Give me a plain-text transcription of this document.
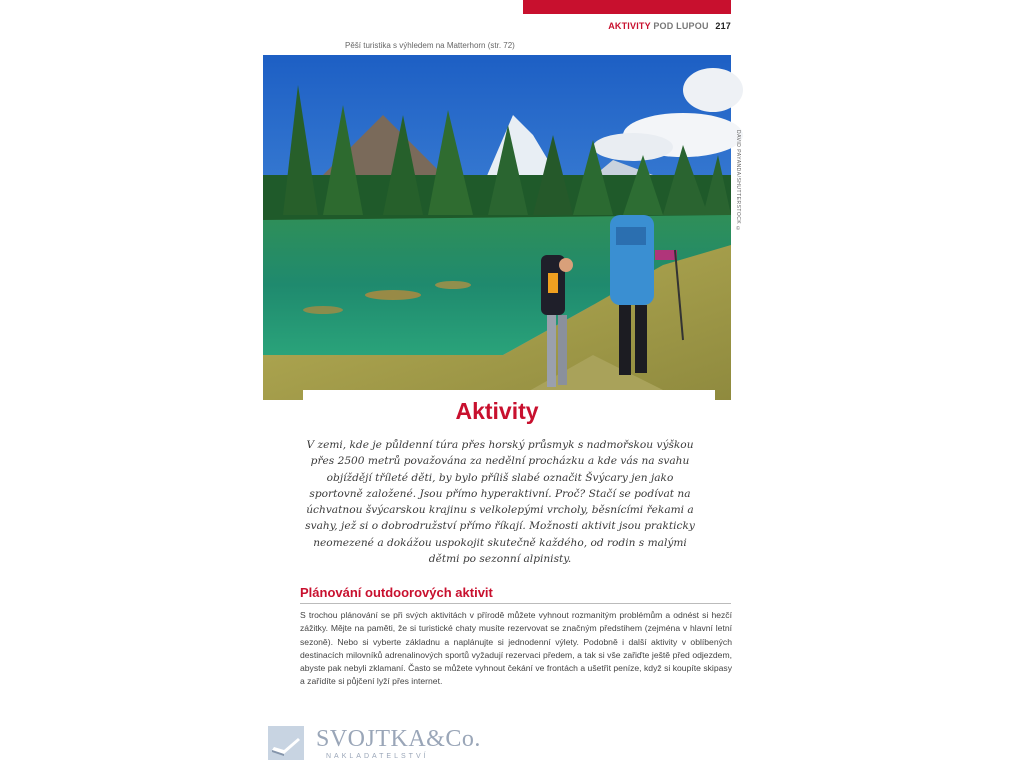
AKTIVITY POD LUPOU 217
Pěší turistika s výhledem na Matterhorn (str. 72)
DAVID PAYANDA/SHUTTERSTOCK ©
Aktivity
V zemi, kde je půldenní túra přes horský průsmyk s nadmořskou výškou přes 2500 metrů považována za nedělní procházku a kde vás na svahu objíždějí tříleté děti, by bylo příliš slabé označit Švýcary jen jako sportovně založené. Jsou přímo hyperaktivní. Proč? Stačí se podívat na úchvatnou švýcarskou krajinu s velkolepými vrcholy, běsnícími řekami a svahy, jež si o dobrodružství přímo říkají. Možnosti aktivit jsou prakticky neomezené a dokážou uspokojit skutečně každého, od rodin s malými dětmi po sezonní alpinisty.
Plánování outdoorových aktivit
S trochou plánování se při svých aktivitách v přírodě můžete vyhnout rozmanitým problémům a odnést si hezčí zážitky. Mějte na paměti, že si turistické chaty musíte rezervovat se značným předstihem (zejména v hlavní letní sezoně). Nebo si vyberte základnu a naplánujte si jednodenní výlety. Podobně i další aktivity v oblíbených destinacích milovníků adrenalinových sportů vyžadují rezervaci předem, a tak si vše zařiďte ještě před odjezdem, abyste pak nebyli zklamaní. Často se můžete vyhnout čekání ve frontách a ušetřit peníze, když si koupíte skipasy a zařídíte si půjčení lyží přes internet.
SVOJTKA&Co.
NAKLADATELSTVÍ
